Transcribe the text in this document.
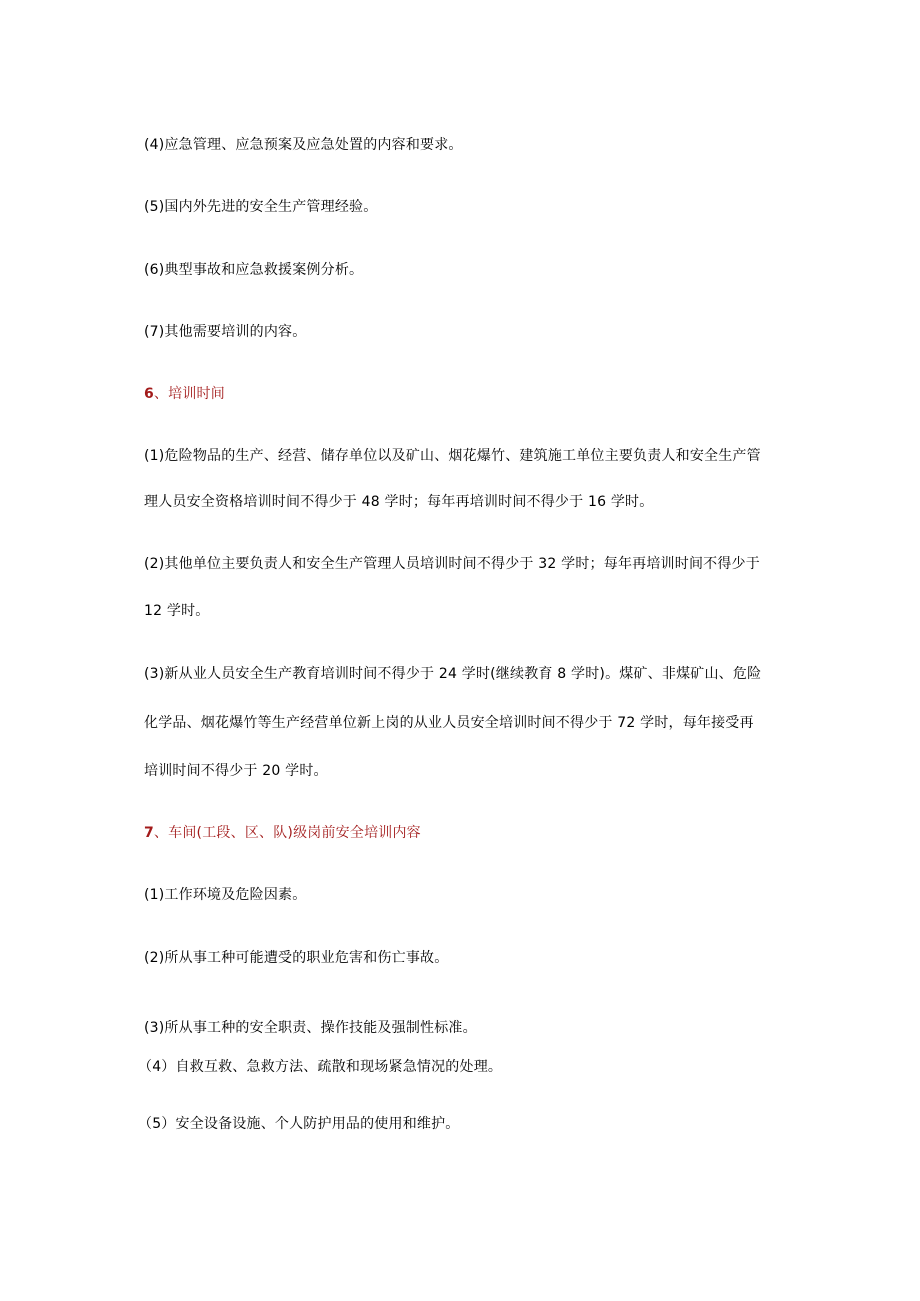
(4)应急管理、应急预案及应急处置的内容和要求。
(5)国内外先进的安全生产管理经验。
(6)典型事故和应急救援案例分析。
(7)其他需要培训的内容。
6、培训时间
(1)危险物品的生产、经营、储存单位以及矿山、烟花爆竹、建筑施工单位主要负责人和安全生产管
理人员安全资格培训时间不得少于 48 学时；每年再培训时间不得少于 16 学时。
(2)其他单位主要负责人和安全生产管理人员培训时间不得少于 32 学时；每年再培训时间不得少于
12 学时。
(3)新从业人员安全生产教育培训时间不得少于 24 学时(继续教育 8 学时)。煤矿、非煤矿山、危险
化学品、烟花爆竹等生产经营单位新上岗的从业人员安全培训时间不得少于 72 学时，每年接受再
培训时间不得少于 20 学时。
7、车间(工段、区、队)级岗前安全培训内容
(1)工作环境及危险因素。
(2)所从事工种可能遭受的职业危害和伤亡事故。
(3)所从事工种的安全职责、操作技能及强制性标准。
（4）自救互救、急救方法、疏散和现场紧急情况的处理。
（5）安全设备设施、个人防护用品的使用和维护。
